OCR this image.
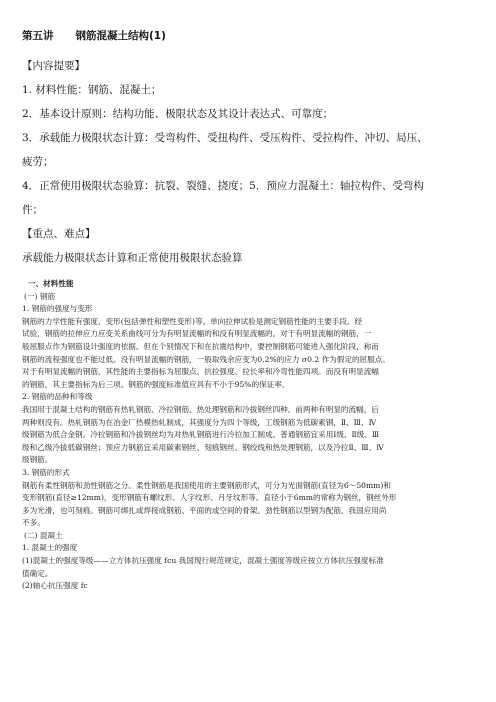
第五讲 钢筋混凝土结构(1)

【内容提要】

1. 材料性能：钢筋、混凝土；

2．基本设计原则：结构功能、极限状态及其设计表达式、可靠度；

3．承载能力极限状态计算：受弯构件、受扭构件、受压构件、受拉构件、冲切、局压、

疲劳；

4．正常使用极限状态验算：抗裂、裂缝、挠度；5．预应力混凝土：轴拉构件、受弯构

件；

【重点、难点】

承载能力极限状态计算和正常使用极限状态验算

一、材料性能

(一) 钢筋

1. 钢筋的强度与变形

钢筋的力学性能有强度、变形(包括弹性和塑性变形)等。单向拉伸试验是测定钢筋性能的主要手段。经

试验，钢筋的拉伸应力应变关系曲线可分为有明显流幅的和没有明显流幅的。对于有明显流幅的钢筋，一

般屈服点作为钢筋设计强度的依据。但在个别情况下和在抗震结构中，要控制钢筋可能进入强化阶段，称而

钢筋的流程强度也不能过低。没有明显流幅的钢筋，一般取残余应变为0.2%的应力 σ0.2 作为假定的屈服点。

对于有明显流幅的钢筋，其性能的主要指标为屈服点、抗拉强度、拉长率和冷弯性能四项。而没有明显流幅

的钢筋，其主要指标为后三项。钢筋的强度标准值应具有不小于95%的保证率。

2. 钢筋的品种和等级

我国用于混凝土结构的钢筋有热轧钢筋、冷拉钢筋、热处理钢筋和冷拔钢丝四种。前两种有明显的流幅，后

两种则没有。热轧钢筋为在冶金厂热模热轧制成，其强度分为四个等级，工级钢筋为低碳素钢，Ⅱ、Ⅲ、Ⅳ

级钢筋为低合金钢。冷拉钢筋和冷拔钢丝均为对热轧钢筋进行冷拉加工制成。普通钢筋宜采用Ⅰ级、Ⅱ级、Ⅲ

级和乙级冷拔低碳钢丝；预应力钢筋宜采用碳素钢丝、刻痕钢丝、钢绞线和热处理钢筋，以及冷拉Ⅱ、Ⅲ、Ⅳ

级钢筋。

3. 钢筋的形式

钢筋有柔性钢筋和劲性钢筋之分。柔性钢筋是我国使用的主要钢筋形式，可分为光面钢筋(直径为6～50mm)和

变形钢筋(直径≥12mm)，变形钢筋有螺纹形、人字纹形、月牙纹形等。直径小于6mm的常称为钢丝，钢丝外形

多为光滑，也可刻痕。钢筋可绑扎或焊接成钢筋、平面的或空间的骨架。劲性钢筋以型钢为配筋，我国应用尚

不多。

(二) 混凝土

1. 混凝土的强度

(1)混凝土的强度等级——立方体抗压强度 fcu 我国现行规范规定，混凝土强度等级应按立方体抗压强度标准

值确定。

(2)轴心抗压强度 fc
